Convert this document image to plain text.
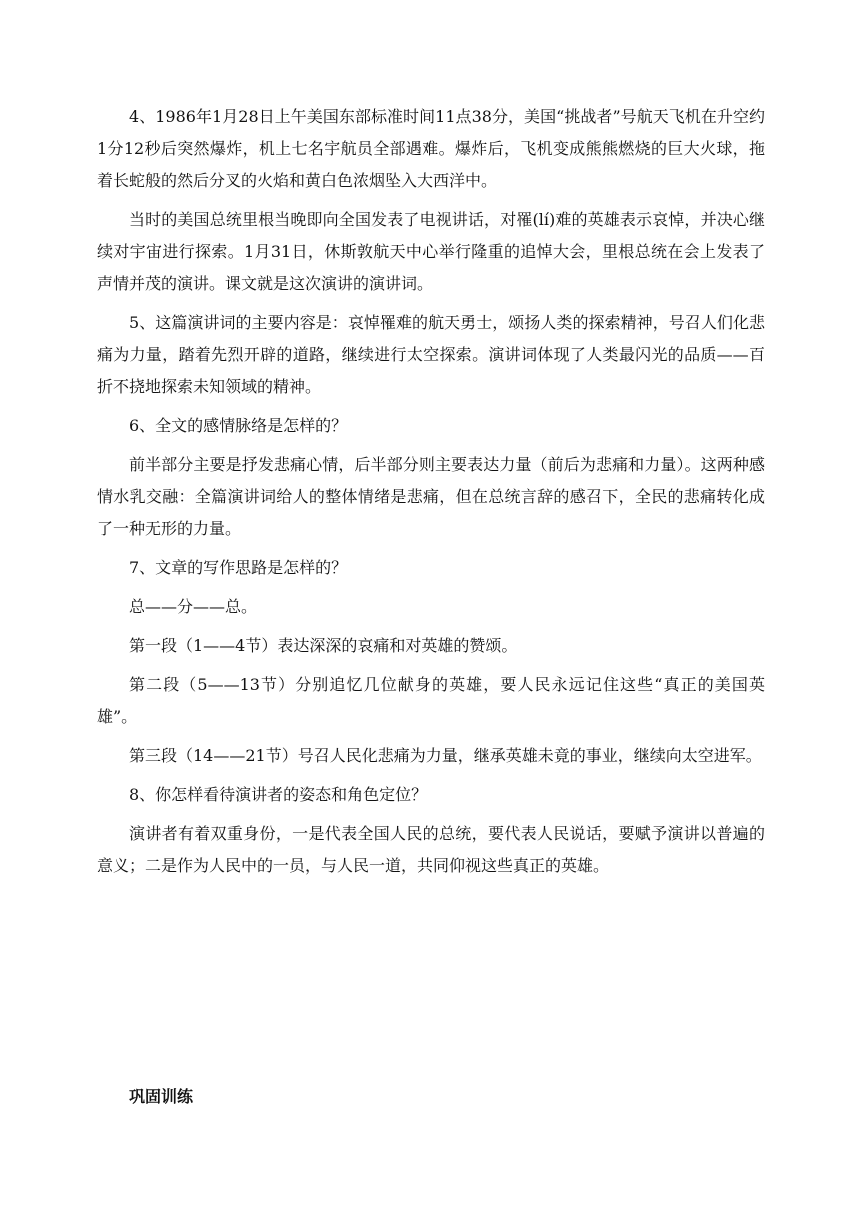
4、1986年1月28日上午美国东部标准时间11点38分，美国“挑战者”号航天飞机在升空约1分12秒后突然爆炸，机上七名宇航员全部遇难。爆炸后，飞机变成熊熊燃烧的巨大火球，拖着长蛇般的然后分叉的火焰和黄白色浓烟坠入大西洋中。

当时的美国总统里根当晚即向全国发表了电视讲话，对罹(lí)难的英雄表示哀悼，并决心继续对宇宙进行探索。1月31日，休斯敦航天中心举行隆重的追悼大会，里根总统在会上发表了声情并茂的演讲。课文就是这次演讲的演讲词。

5、这篇演讲词的主要内容是：哀悼罹难的航天勇士，颂扬人类的探索精神，号召人们化悲痛为力量，踏着先烈开辟的道路，继续进行太空探索。演讲词体现了人类最闪光的品质——百折不挠地探索未知领域的精神。

6、全文的感情脉络是怎样的？

前半部分主要是抒发悲痛心情，后半部分则主要表达力量（前后为悲痛和力量）。这两种感情水乳交融：全篇演讲词给人的整体情绪是悲痛，但在总统言辞的感召下，全民的悲痛转化成了一种无形的力量。

7、文章的写作思路是怎样的？

总——分——总。

第一段（1——4节）表达深深的哀痛和对英雄的赞颂。

第二段（5——13节）分别追忆几位献身的英雄，要人民永远记住这些“真正的美国英雄”。

第三段（14——21节）号召人民化悲痛为力量，继承英雄未竟的事业，继续向太空进军。

8、你怎样看待演讲者的姿态和角色定位？

演讲者有着双重身份，一是代表全国人民的总统，要代表人民说话，要赋予演讲以普遍的意义；二是作为人民中的一员，与人民一道，共同仰视这些真正的英雄。

巩固训练
